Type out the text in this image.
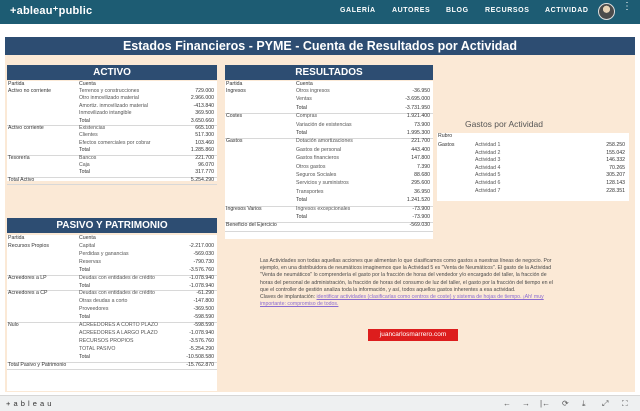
+ableau⁺public	GALERÍA AUTORES BLOG RECURSOS ACTIVIDAD	⋮
Estados Financieros - PYME - Cuenta de Resultados por Actividad
ACTIVO
Partida	Cuenta
Activo no corriente	Terrenos y construcciones	729.000
Otro inmovilizado material	2.966.000
Amortiz. inmovilizado material	-413.840
Inmovilizado intangible	369.500
Total	3.650.660
Activo corriente	Existencias	665.100
Clientes	517.300
Efectos comerciales por cobrar	103.460
Total	1.285.860
Tesorería	Bancos	221.700
Caja	96.070
Total	317.770
Total Activo	5.254.290
PASIVO Y PATRIMONIO
Partida	Cuenta
Recursos Propios	Capital	-2.217.000
Perdidas y ganancias	-569.030
Reservas	-790.730
Total	-3.576.760
Acreedores a LP	Deudas con entidades de crédito	-1.078.940
Total	-1.078.940
Acreedores a CP	Deudas con entidades de crédito	-61.290
Otras deudas a corto	-147.800
Proveedores	-369.500
Total	-598.590
Nulo	ACREEDORES A CORTO PLAZO	-598.590
ACREEDORES A LARGO PLAZO	-1.078.940
RECURSOS PROPIOS	-3.576.760
TOTAL PASIVO	-5.254.290
Total	-10.508.580
Total Pasivo y Patrimonio	-15.762.870
RESULTADOS
Partida	Cuenta
Ingresos	Otros ingresos	-36.950
Ventas	-3.695.000
Total	-3.731.950
Costes	Compras	1.921.400
Variación de existencias	73.900
Total	1.995.300
Gastos	Dotación amortizaciones	221.700
Gastos de personal	443.400
Gastos financieros	147.800
Otros gastos	7.390
Seguros Sociales	88.680
Servicios y suministros	295.600
Transportes	36.950
Total	1.241.520
Ingresos Varios	Ingresos excepcionales	-73.900
Total	-73.900
Beneficio del Ejercicio	-569.030
Gastos por Actividad
Rubro
Gastos	Actividad 1	258.250
Actividad 2	155.042
Actividad 3	146.332
Actividad 4	70.265
Actividad 5	305.207
Actividad 6	128.143
Actividad 7	228.351
Las Actividades son todas aquellas acciones que alimentan lo que clasificamos como gastos a nuestras líneas de negocio. Por ejemplo, en una distribuidora de neumáticos imaginemos que la Actividad 5 es "Venta de Neumáticos". El gasto de la Actividad "Venta de neumáticos" lo comprendería el gasto por la fracción de horas del vendedor y/o encargado del taller, la fracción de horas del personal de administración, la fracción de horas del consumo de luz del taller, el gasto por la fracción del tiempo en el que el controller de gestión analiza toda la información, y así, todos aquellos gastos inherentes a esa actividad.
Claves de implantación: identificar actividades (clasificarlas como centros de coste) y sistema de hojas de tiempo. ¡Ah! muy importante: compromiso de todos.
juancarlosmarrero.com
+ a b l e a u	← → |← ⟳ ⤓ ⤢ ⛶
